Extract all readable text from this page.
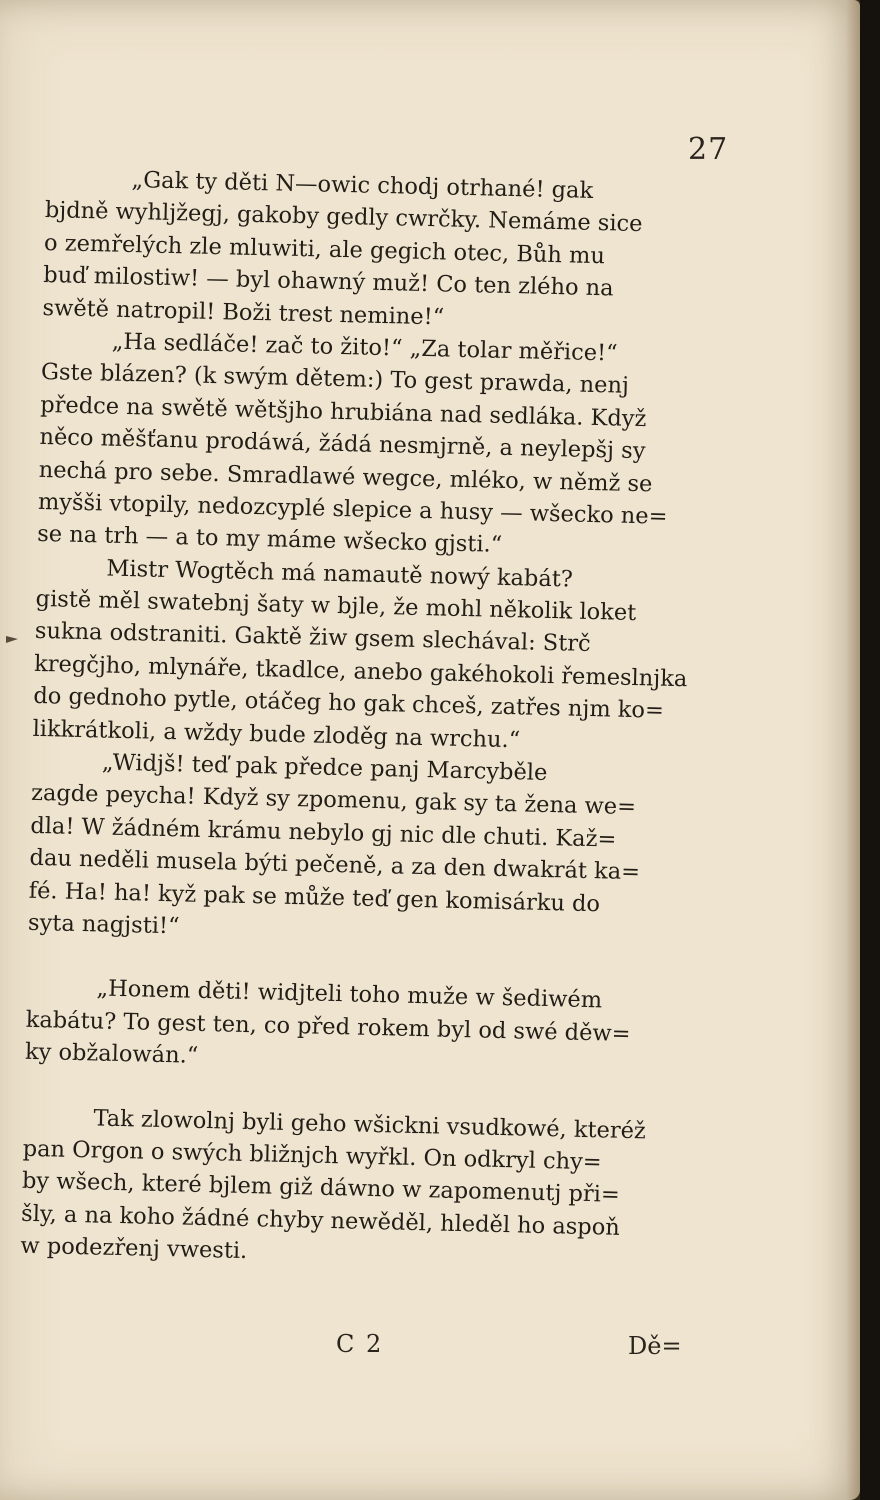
27

„Gak ty děti N—owic chodj otrhané! gak
bjdně wyhljžegj, gakoby gedly cwrčky. Nemáme sice
o zemřelých zle mluwiti, ale gegich otec, Bůh mu
buď milostiw! — byl ohawný muž! Co ten zlého na
swětě natropil! Boži trest nemine!“

„Ha sedláče! zač to žito!“ „Za tolar měřice!“
Gste blázen? (k swým dětem:) To gest prawda, nenj
předce na swětě wětšjho hrubiána nad sedláka. Když
něco měšťanu prodáwá, žádá nesmjrně, a neylepšj sy
nechá pro sebe. Smradlawé wegce, mléko, w němž se
myšši vtopily, nedozcyplé slepice a husy — wšecko ne=
se na trh — a to my máme wšecko gjsti.“

Mistr Wogtěch má namautě nowý kabát?
gistě měl swatebnj šaty w bjle, že mohl několik loket
sukna odstraniti. Gaktě žiw gsem slechával: Strč
kregčjho, mlynáře, tkadlce, anebo gakéhokoli řemeslnjka
do gednoho pytle, otáčeg ho gak chceš, zatřes njm ko=
likkrátkoli, a wždy bude zloděg na wrchu.“

„Widjš! teď pak předce panj Marcyběle
zagde peycha! Když sy zpomenu, gak sy ta žena we=
dla! W žádném krámu nebylo gj nic dle chuti. Kaž=
dau neděli musela býti pečeně, a za den dwakrát ka=
fé. Ha! ha! kyž pak se může teď gen komisárku do
syta nagjsti!“

„Honem děti! widjteli toho muže w šediwém
kabátu? To gest ten, co před rokem byl od swé děw=
ky obžalowán.“

Tak zlowolnj byli geho wšickni vsudkowé, kteréž
pan Orgon o swých bližnjch wyřkl. On odkryl chy=
by wšech, které bjlem giž dáwno w zapomenutj při=
šly, a na koho žádné chyby newěděl, hleděl ho aspoň
w podezřenj vwesti.

C 2	Dě=
